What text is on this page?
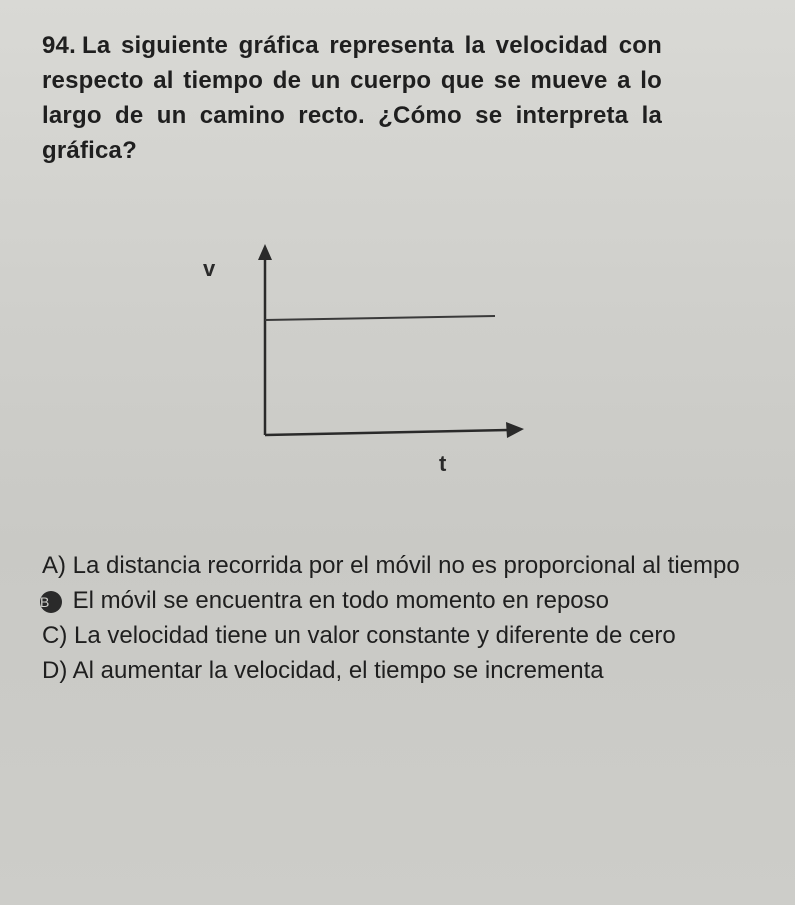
94. La siguiente gráfica representa la velocidad con respecto al tiempo de un cuerpo que se mueve a lo largo de un camino recto. ¿Cómo se interpreta la gráfica?
v
t
A) La distancia recorrida por el móvil no es proporcional al tiempo
B El móvil se encuentra en todo momento en reposo
C) La velocidad tiene un valor constante y diferente de cero
D) Al aumentar la velocidad, el tiempo se incrementa
